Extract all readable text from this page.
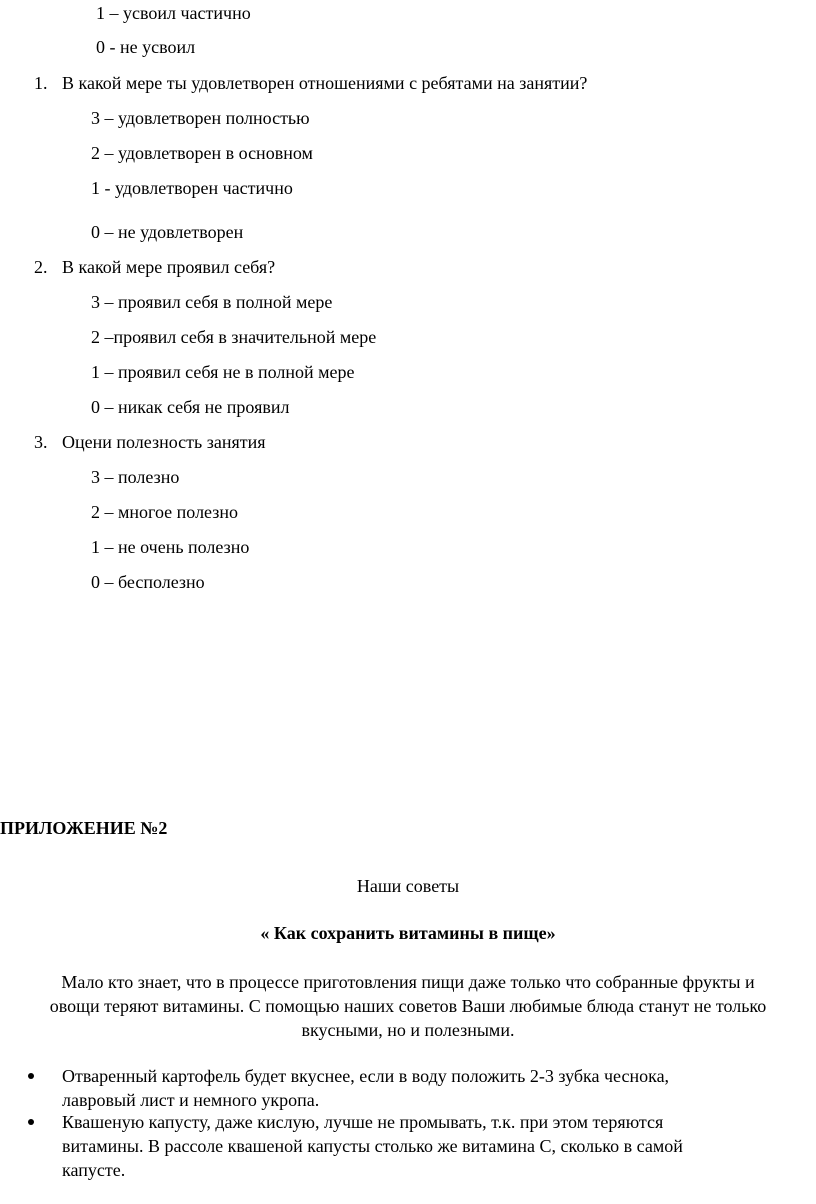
1 – усвоил частично
0 - не усвоил
1. В какой мере ты удовлетворен отношениями с ребятами на занятии?
3 – удовлетворен полностью
2 – удовлетворен в основном
1 - удовлетворен частично
0 – не удовлетворен
2. В какой мере проявил себя?
3 – проявил себя в полной мере
2 –проявил себя в значительной мере
1 – проявил себя не в полной мере
0 – никак себя не проявил
3. Оцени полезность занятия
3 – полезно
2 – многое полезно
1 – не очень полезно
0 – бесполезно
ПРИЛОЖЕНИЕ №2
Наши советы
« Как сохранить витамины в пище»
Мало кто знает, что в процессе приготовления пищи даже только что собранные фрукты и
овощи теряют витамины. С помощью наших советов Ваши любимые блюда станут не только
вкусными, но и полезными.
Отваренный картофель будет вкуснее, если в воду положить 2-3 зубка чеснока,
лавровый лист и немного укропа.
Квашеную капусту, даже кислую, лучше не промывать, т.к. при этом теряются
витамины. В рассоле квашеной капусты столько же витамина С, сколько в самой
капусте.
